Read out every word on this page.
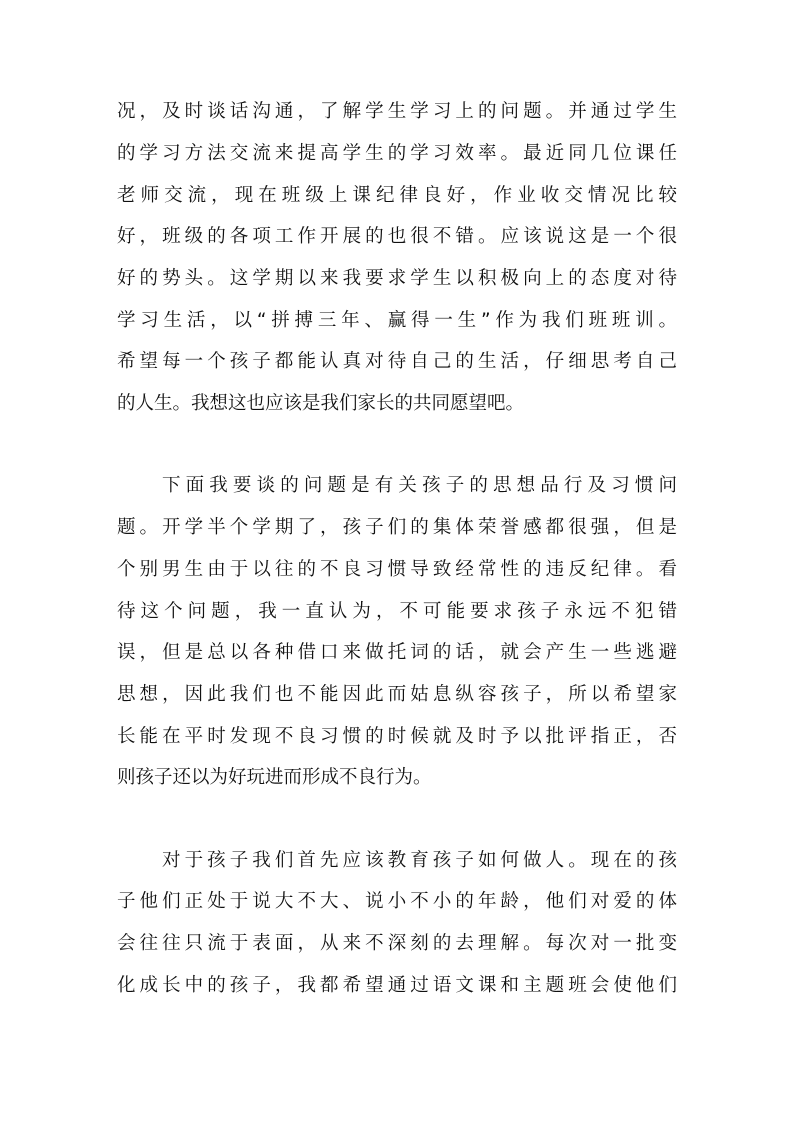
况，及时谈话沟通，了解学生学习上的问题。并通过学生
的学习方法交流来提高学生的学习效率。最近同几位课任
老师交流，现在班级上课纪律良好，作业收交情况比较
好，班级的各项工作开展的也很不错。应该说这是一个很
好的势头。这学期以来我要求学生以积极向上的态度对待
学习生活，以“拼搏三年、赢得一生”作为我们班班训。
希望每一个孩子都能认真对待自己的生活，仔细思考自己
的人生。我想这也应该是我们家长的共同愿望吧。
下面我要谈的问题是有关孩子的思想品行及习惯问
题。开学半个学期了，孩子们的集体荣誉感都很强，但是
个别男生由于以往的不良习惯导致经常性的违反纪律。看
待这个问题，我一直认为，不可能要求孩子永远不犯错
误，但是总以各种借口来做托词的话，就会产生一些逃避
思想，因此我们也不能因此而姑息纵容孩子，所以希望家
长能在平时发现不良习惯的时候就及时予以批评指正，否
则孩子还以为好玩进而形成不良行为。
对于孩子我们首先应该教育孩子如何做人。现在的孩
子他们正处于说大不大、说小不小的年龄，他们对爱的体
会往往只流于表面，从来不深刻的去理解。每次对一批变
化成长中的孩子，我都希望通过语文课和主题班会使他们
